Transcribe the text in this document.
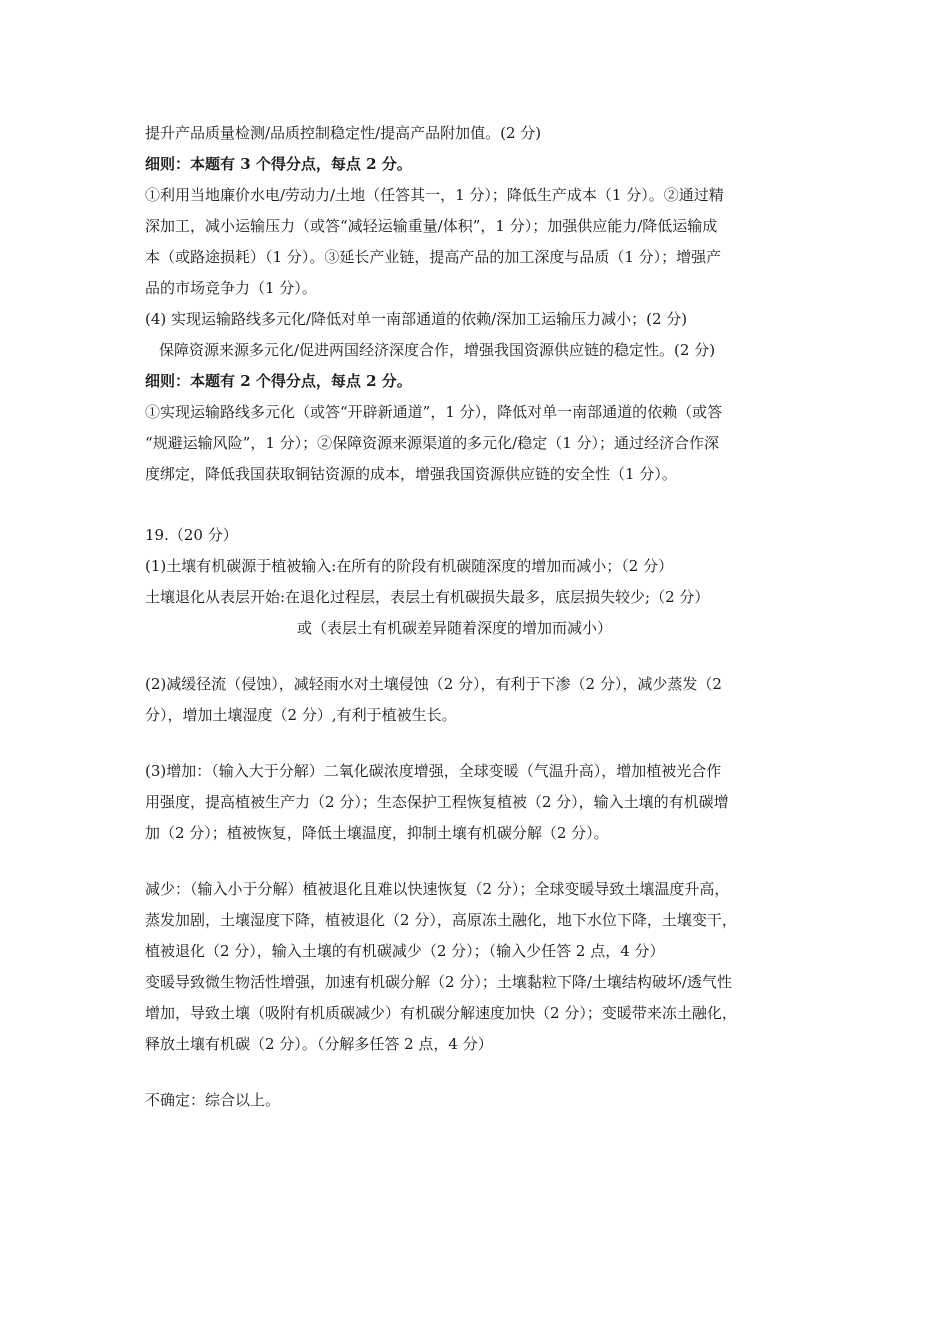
提升产品质量检测/品质控制稳定性/提高产品附加值。(2 分)
细则：本题有 3 个得分点，每点 2 分。
①利用当地廉价水电/劳动力/土地（任答其一，1 分）；降低生产成本（1 分）。②通过精
深加工，减小运输压力（或答“减轻运输重量/体积”，1 分）；加强供应能力/降低运输成
本（或路途损耗）（1 分）。③延长产业链，提高产品的加工深度与品质（1 分）；增强产
品的市场竞争力（1 分）。
(4) 实现运输路线多元化/降低对单一南部通道的依赖/深加工运输压力减小；(2 分)
保障资源来源多元化/促进两国经济深度合作，增强我国资源供应链的稳定性。(2 分)
细则：本题有 2 个得分点，每点 2 分。
①实现运输路线多元化（或答“开辟新通道”，1 分），降低对单一南部通道的依赖（或答
“规避运输风险”，1 分）；②保障资源来源渠道的多元化/稳定（1 分）；通过经济合作深
度绑定，降低我国获取铜钴资源的成本，增强我国资源供应链的安全性（1 分）。
19.（20 分）
(1)土壤有机碳源于植被输入:在所有的阶段有机碳随深度的增加而减小；（2 分）
土壤退化从表层开始:在退化过程层，表层土有机碳损失最多，底层损失较少;（2 分）
或（表层土有机碳差异随着深度的增加而减小）
(2)减缓径流（侵蚀），减轻雨水对土壤侵蚀（2 分），有利于下渗（2 分），减少蒸发（2
分），增加土壤湿度（2 分）,有利于植被生长。
(3)增加：（输入大于分解）二氧化碳浓度增强，全球变暖（气温升高），增加植被光合作
用强度，提高植被生产力（2 分）；生态保护工程恢复植被（2 分），输入土壤的有机碳增
加（2 分）；植被恢复，降低土壤温度，抑制土壤有机碳分解（2 分）。
减少：（输入小于分解）植被退化且难以快速恢复（2 分）；全球变暖导致土壤温度升高，
蒸发加剧，土壤湿度下降，植被退化（2 分），高原冻土融化，地下水位下降，土壤变干，
植被退化（2 分），输入土壤的有机碳减少（2 分）；（输入少任答 2 点，4 分）
变暖导致微生物活性增强，加速有机碳分解（2 分）；土壤黏粒下降/土壤结构破坏/透气性
增加，导致土壤（吸附有机质碳减少）有机碳分解速度加快（2 分）；变暖带来冻土融化，
释放土壤有机碳（2 分）。（分解多任答 2 点，4 分）
不确定：综合以上。
